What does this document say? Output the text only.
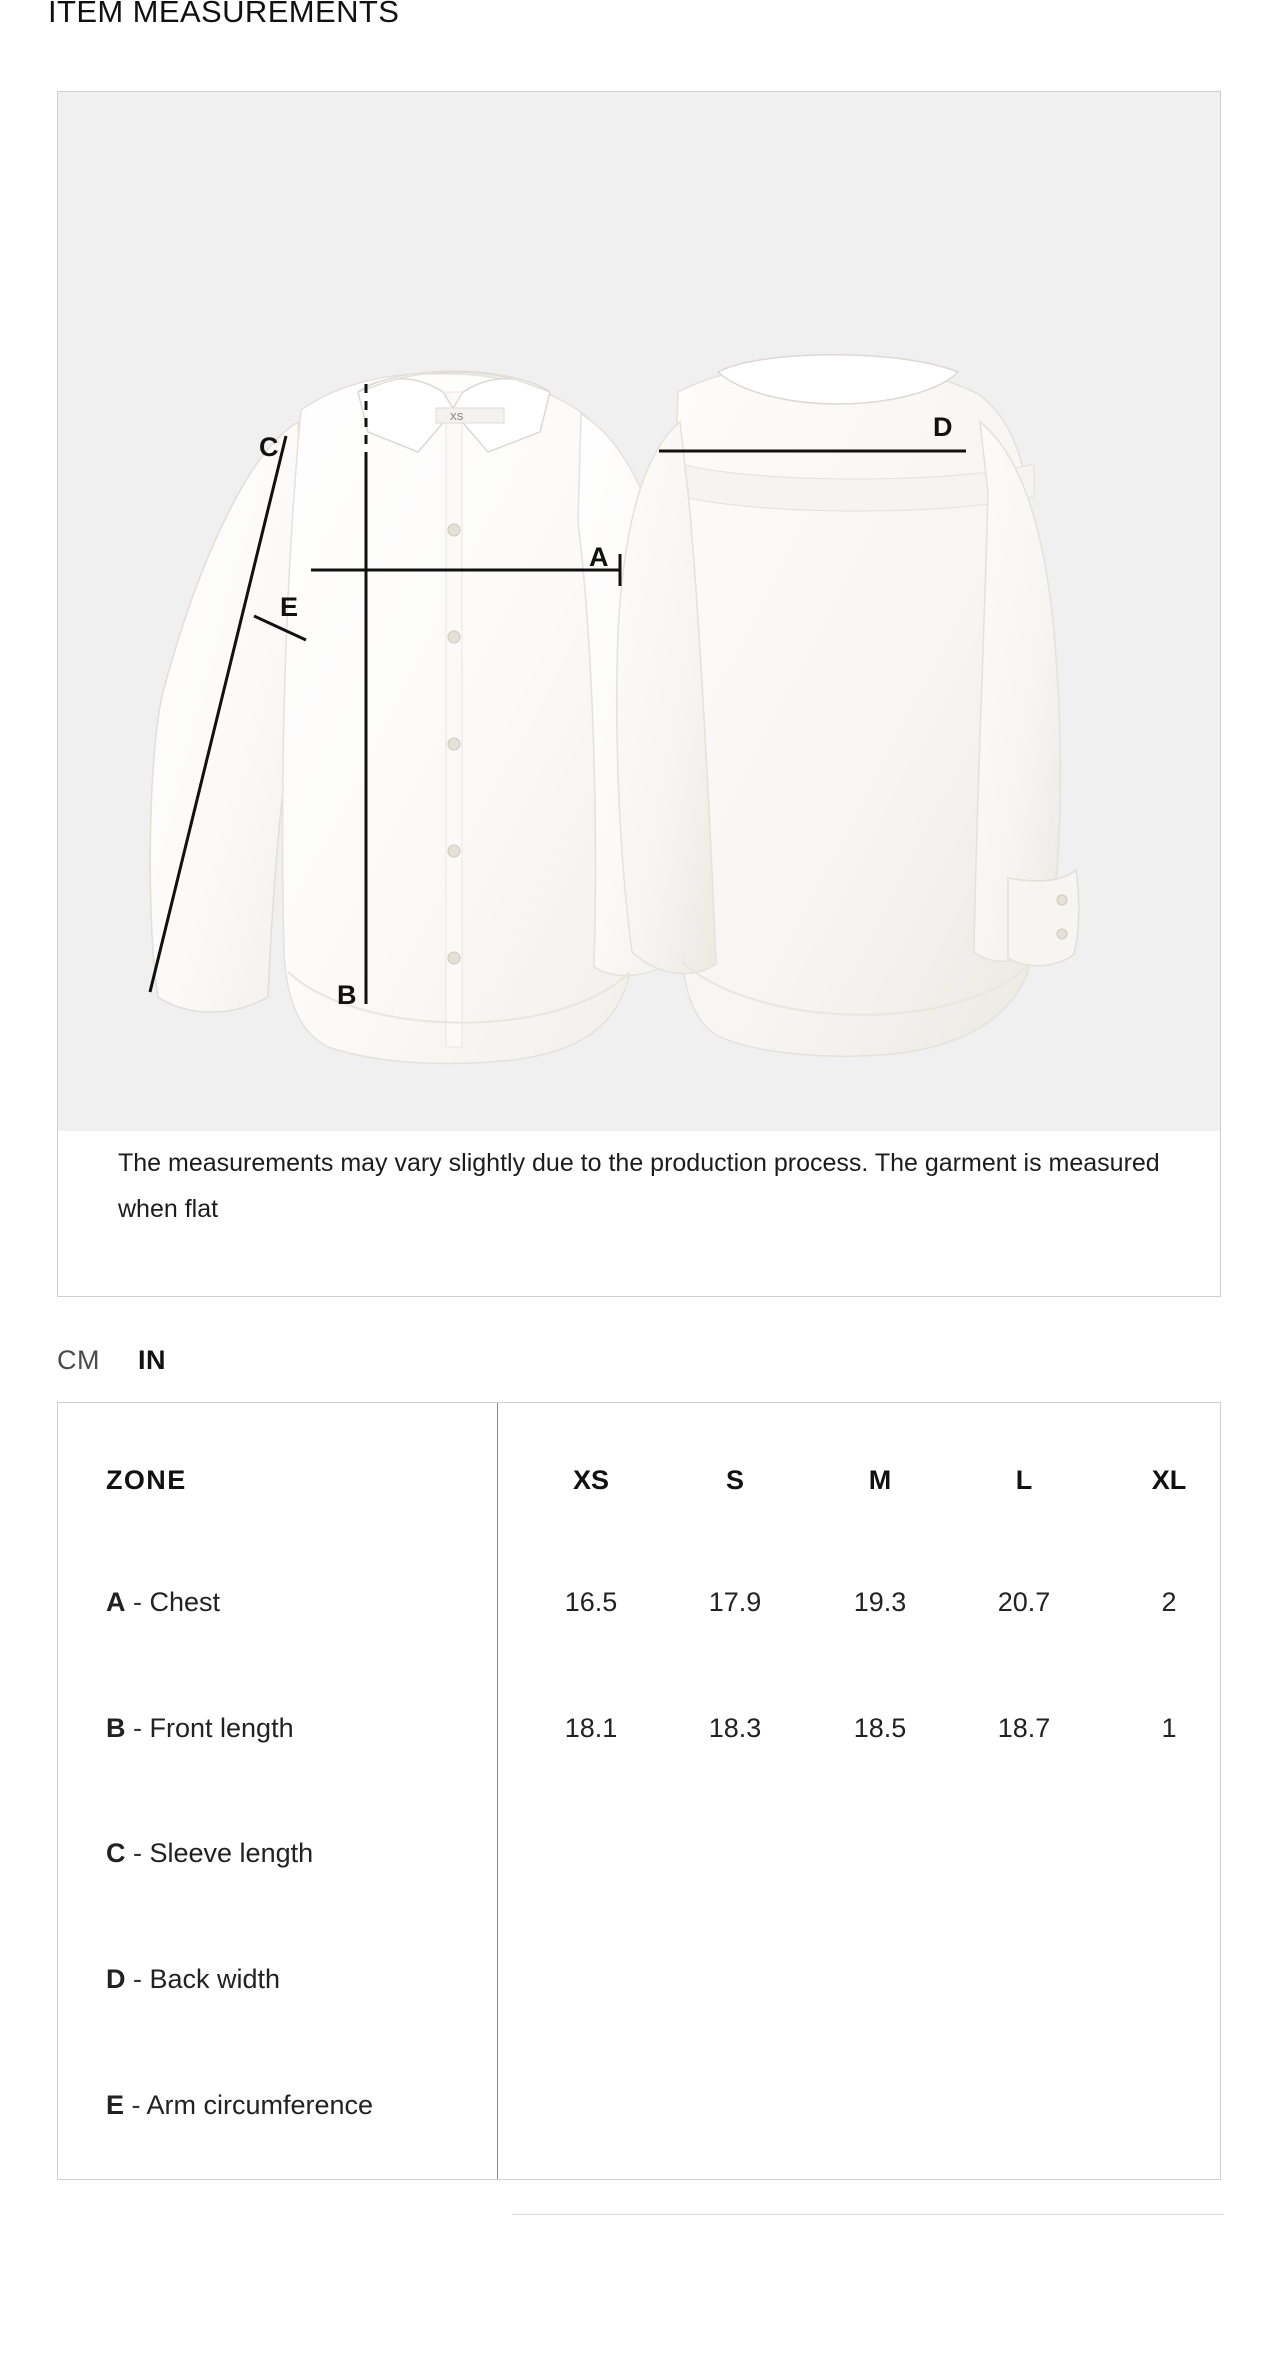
ITEM MEASUREMENTS
XS
A
B
C
D
E
The measurements may vary slightly due to the production process. The garment is measured when flat
CM IN
ZONE	XS	S	M	L	XL
A - Chest	16.5	17.9	19.3	20.7	2
B - Front length	18.1	18.3	18.5	18.7	1
C - Sleeve length
D - Back width
E - Arm circumference
